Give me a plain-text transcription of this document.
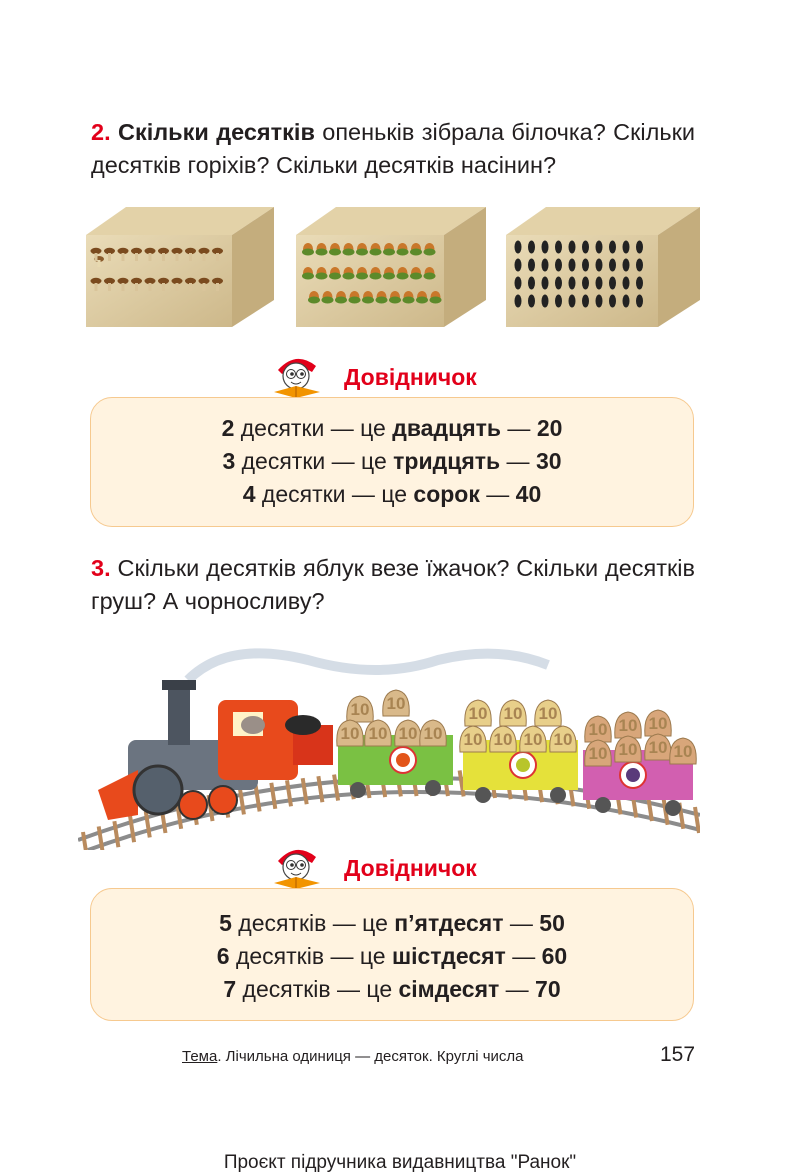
2. Скільки десятків опеньків зібрала білочка? Скільки десятків горіхів? Скільки десятків насінин?
Довідничок
2 десятки — це двадцять — 20
3 десятки — це тридцять — 30
4 десятки — це сорок — 40
3. Скільки десятків яблук везе їжачок? Скільки десятків груш? А чорносливу?
10 10
10 10 10 10
10 10 10
10 10 10 10
10 10 10
10 10 10 10
Довідничок
5 десятків — це п’ятдесят — 50
6 десятків — це шістдесят — 60
7 десятків — це сімдесят — 70
Тема. Лічильна одиниця — десяток. Круглі числа	157
Проєкт підручника видавництва "Ранок"
